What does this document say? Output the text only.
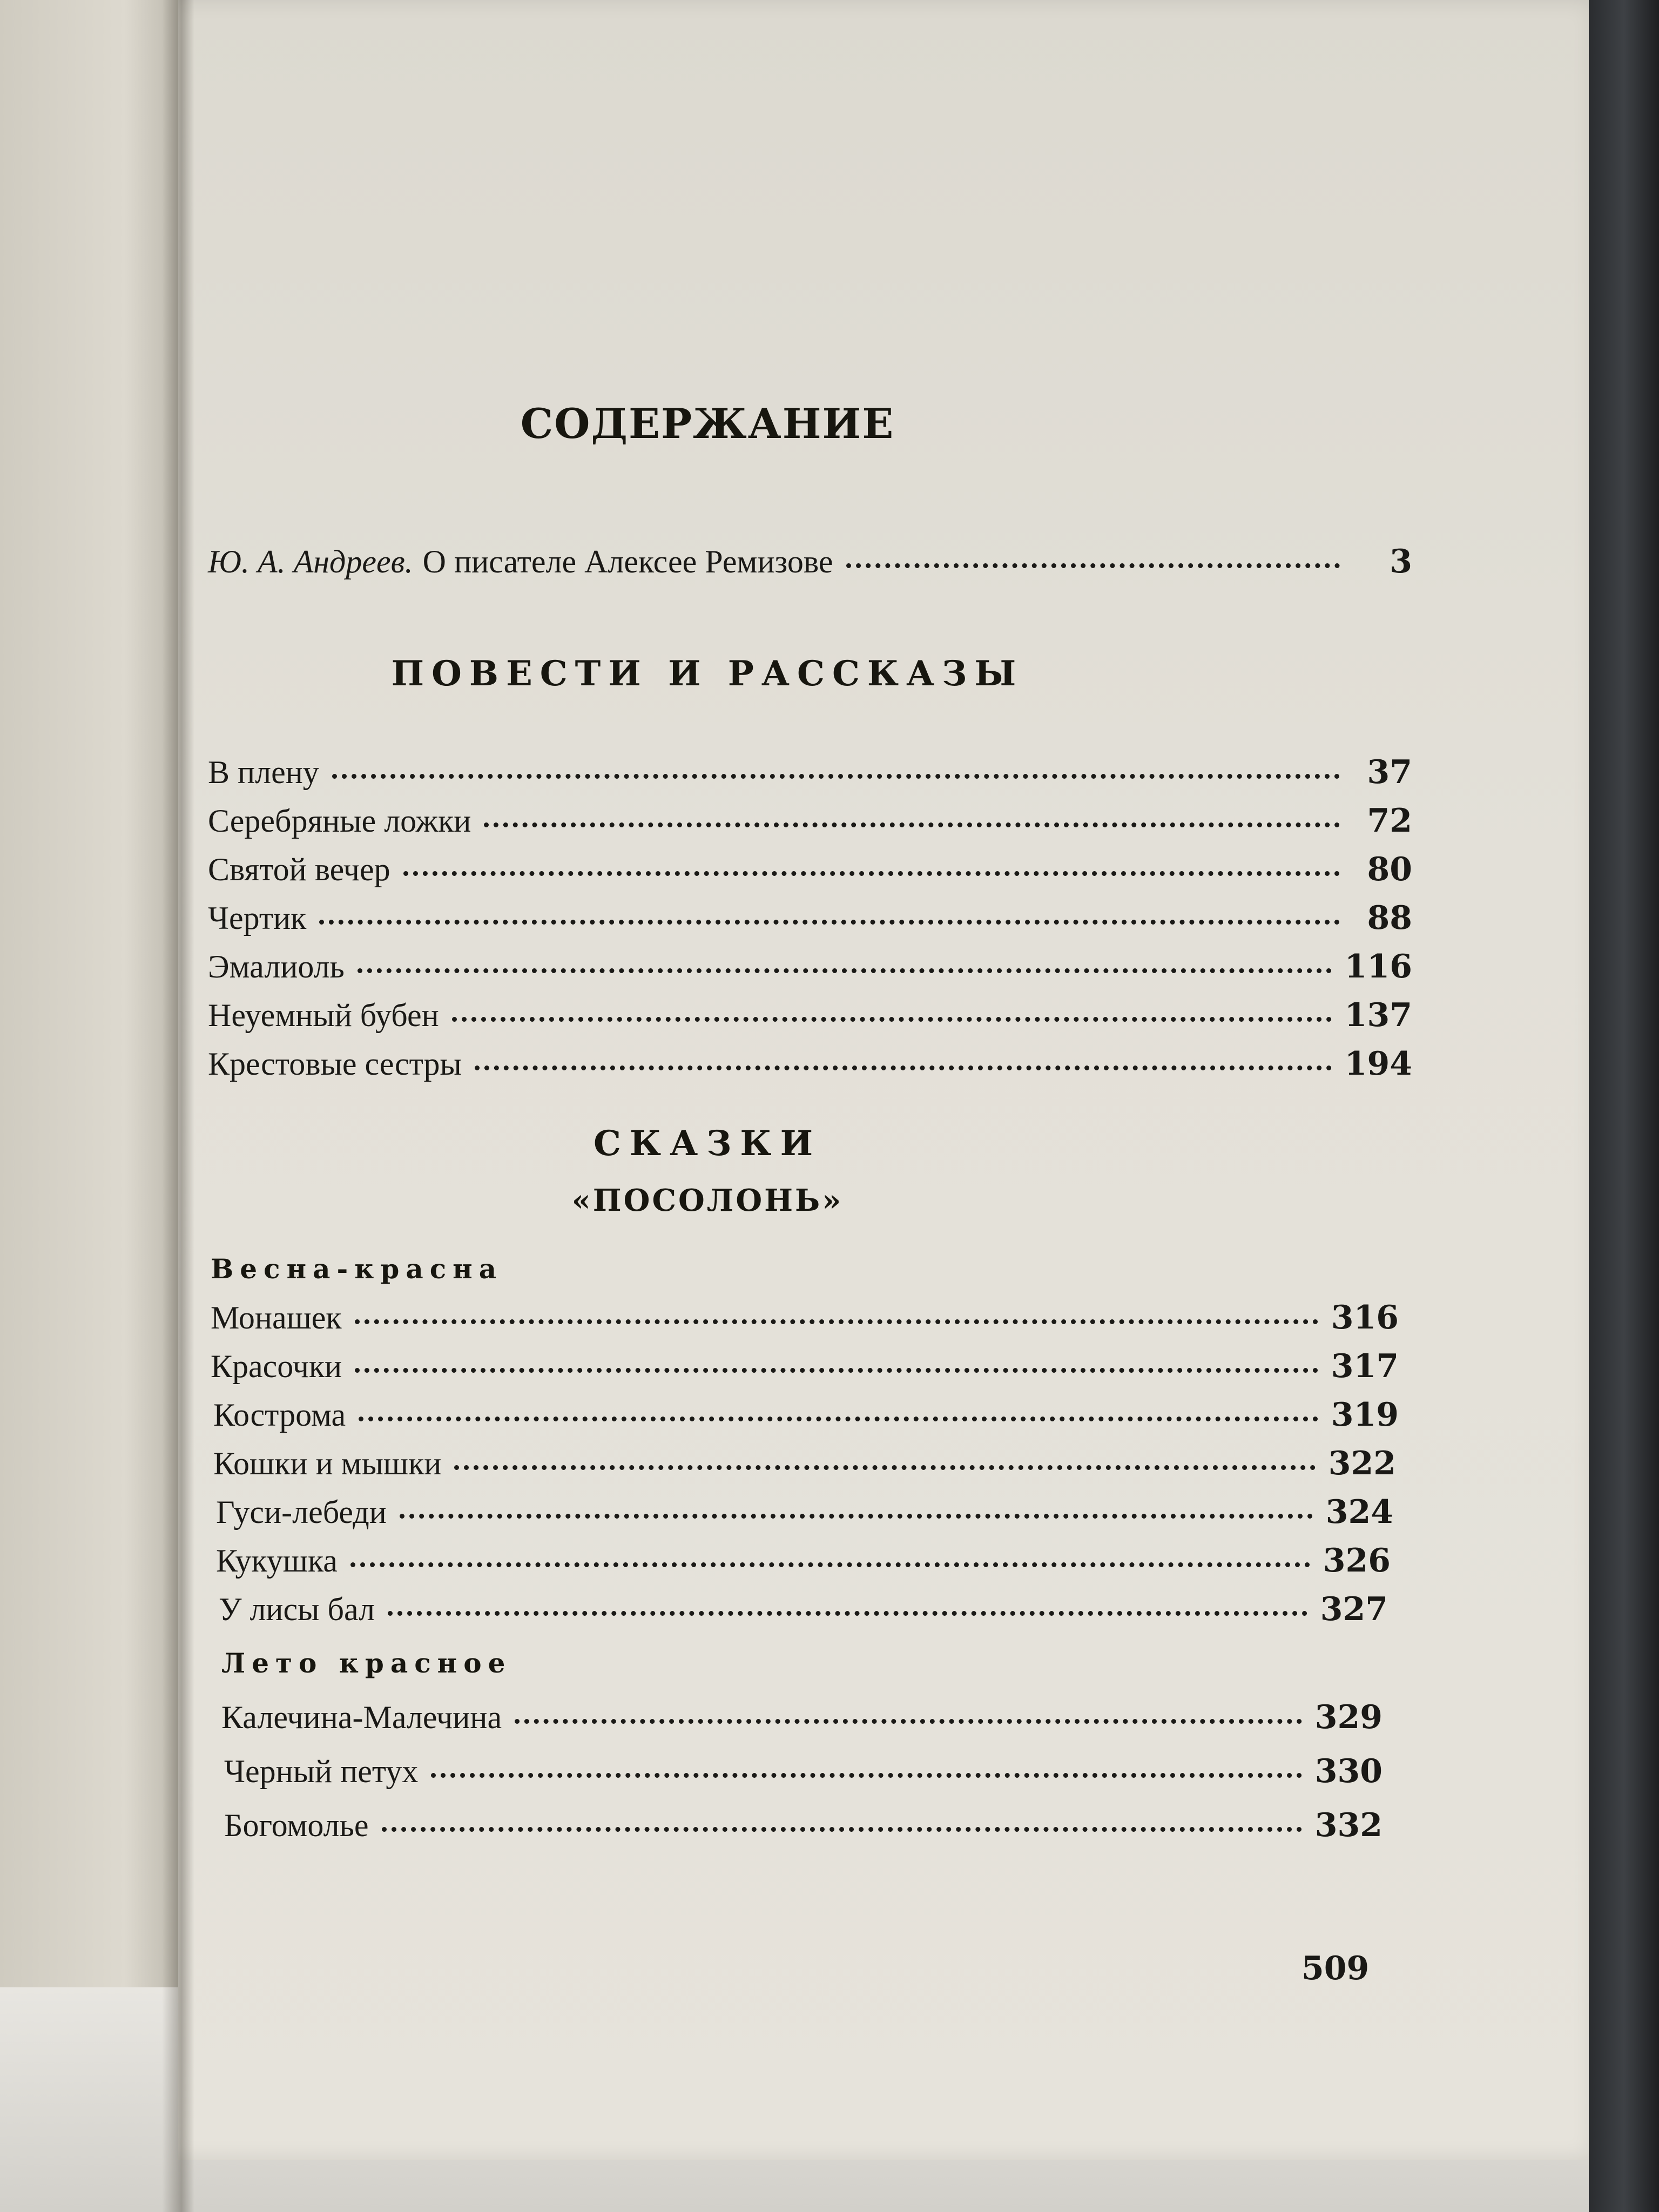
СОДЕРЖАНИЕ
Ю. А. Андреев. О писателе Алексее Ремизове	3
ПОВЕСТИ И РАССКАЗЫ
В плену	37
Серебряные ложки	72
Святой вечер	80
Чертик	88
Эмалиоль	116
Неуемный бубен	137
Крестовые сестры	194
СКАЗКИ
«ПОСОЛОНЬ»
Весна-красна
Монашек	316
Красочки	317
Кострома	319
Кошки и мышки	322
Гуси-лебеди	324
Кукушка	326
У лисы бал	327
Лето красное
Калечина-Малечина	329
Черный петух	330
Богомолье	332
509
